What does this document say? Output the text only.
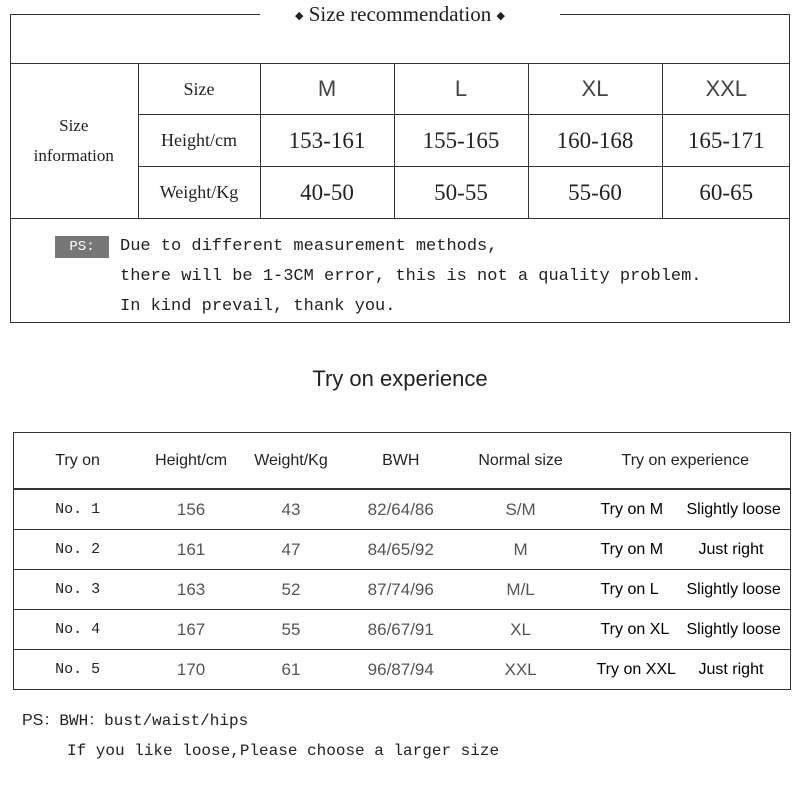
◆ Size recommendation ◆
Size
information	Size	M	L	XL	XXL
	Height/cm	153-161	155-165	160-168	165-171
	Weight/Kg	40-50	50-55	55-60	60-65
PS:	Due to different measurement methods,
there will be 1-3CM error, this is not a quality problem.
In kind prevail, thank you.
Try on experience
Try on	Height/cm	Weight/Kg	BWH	Normal size	Try on experience
No. 1	156	43	82/64/86	S/M	Try on M Slightly loose
No. 2	161	47	84/65/92	M	Try on M Just right
No. 3	163	52	87/74/96	M/L	Try on L Slightly loose
No. 4	167	55	86/67/91	XL	Try on XL Slightly loose
No. 5	170	61	96/87/94	XXL	Try on XXL Just right
PS：BWH：bust/waist/hips
If you like loose,Please choose a larger size
